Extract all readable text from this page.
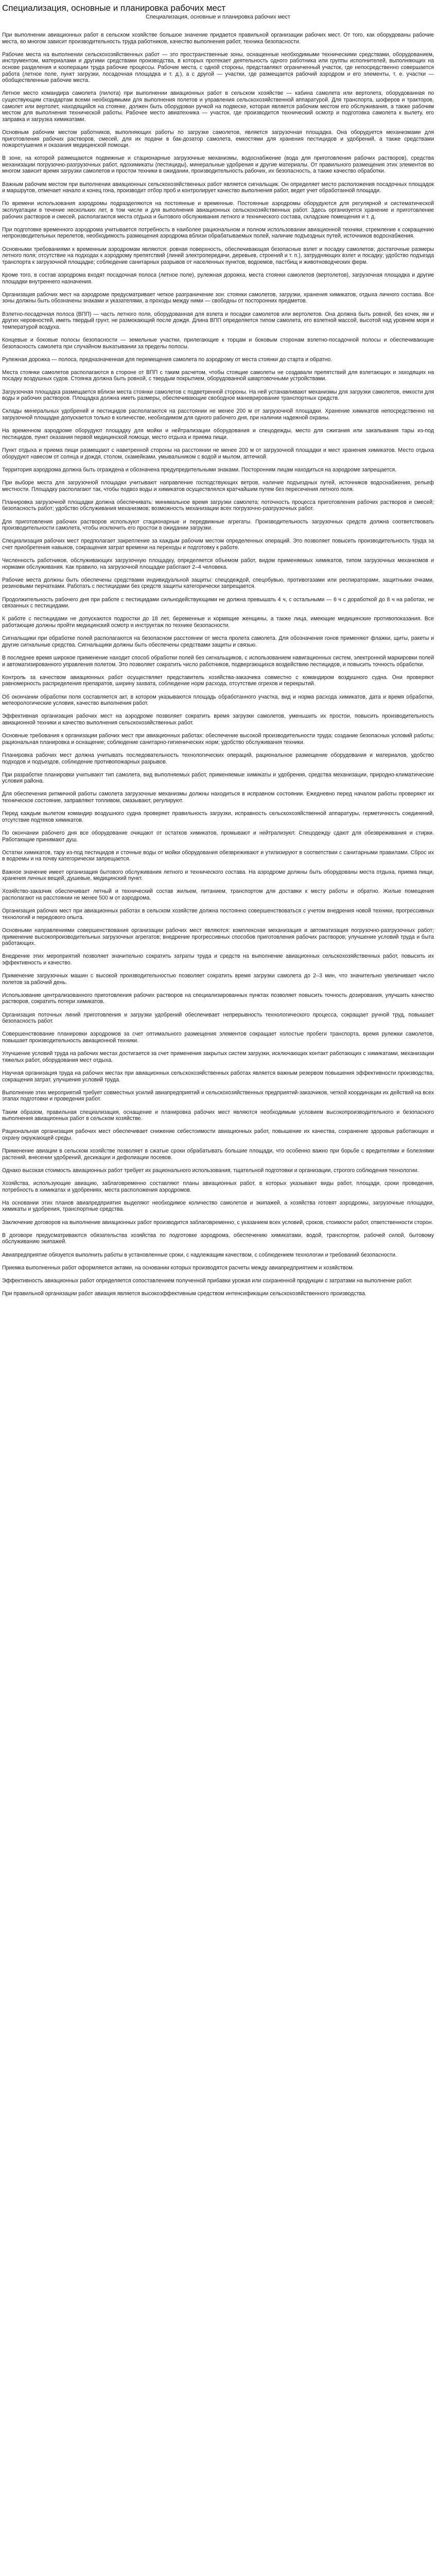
Специализация, основные и планировка рабочих мест
Специализация, основные и планировка рабочих мест

При выполнении авиационных работ в сельском хозяйстве большое значение придается правильной организации рабочих мест. От того, как оборудованы рабочие места, во многом зависит производительность труда работников, качество выполнения работ, техника безопасности.

Рабочие места на выполнении сельскохозяйственных работ — это пространственные зоны, оснащенные необходимыми техническими средствами, оборудованием, инструментом, материалами и другими средствами производства, в которых протекает деятельность одного работника или группы исполнителей, выполняющих на основе разделения и кооперации труда рабочие процессы. Рабочие места, с одной стороны, представляют ограниченный участок, где непосредственно совершается работа (летное поле, пункт загрузки, посадочная площадка и т. д.), а с другой — участки, где размещается рабочий аэродром и его элементы, т. е. участки — обобществленные рабочие места.

Летное место командира самолета (пилота) при выполнении авиационных работ в сельском хозяйстве — кабина самолета или вертолета, оборудованная по существующим стандартам всеми необходимыми для выполнения полетов и управления сельскохозяйственной аппаратурой. Для транспорта, шоферов и тракторов, самолет или вертолет, находящийся на стоянке, должен быть оборудован ручкой на подвеске, которая является рабочим местом его обслуживания, а также рабочим местом для выполнения технической работы. Рабочее место авиатехника — участок, где производится технический осмотр и подготовка самолета к вылету, его заправка и загрузка химикатами.

Основным рабочим местом работников, выполняющих работы по загрузке самолетов, является загрузочная площадка. Она оборудуется механизмами для приготовления рабочих растворов, смесей, для их подачи в бак-дозатор самолета, емкостями для хранения пестицидов и удобрений, а также средствами пожаротушения и оказания медицинской помощи.

В зоне, на которой размещаются подвижные и стационарные загрузочные механизмы, водоснабжение (вода для приготовления рабочих растворов), средства механизации погрузочно-разгрузочных работ, ядохимикаты (пестициды), минеральные удобрения и другие материалы. От правильного размещения этих элементов во многом зависит время загрузки самолетов и простои техники в ожидании, производительность рабочих, их безопасность, а также качество обработки.

Важным рабочим местом при выполнении авиационных сельскохозяйственных работ является сигнальщик. Он определяет место расположения посадочных площадок и маршрутов, отмечает начало и конец гона, производит отбор проб и контролирует качество выполнения работ, ведет учет обработанной площади.

По времени использования аэродромы подразделяются на постоянные и временные. Постоянные аэродромы оборудуются для регулярной и систематической эксплуатации в течение нескольких лет, в том числе и для выполнения авиационных сельскохозяйственных работ. Здесь организуется хранение и приготовление рабочих растворов и смесей, располагаются места отдыха и бытового обслуживания летного и технического состава, складские помещения и т. д.

При подготовке временного аэродрома учитывается потребность в наиболее рациональном и полном использовании авиационной техники, стремление к сокращению непроизводительных перелетов, необходимость размещения аэродрома вблизи обрабатываемых полей, наличие подъездных путей, источников водоснабжения.

Основными требованиями к временным аэродромам являются: ровная поверхность, обеспечивающая безопасные взлет и посадку самолетов; достаточные размеры летного поля; отсутствие на подходах к аэродрому препятствий (линий электропередачи, деревьев, строений и т. п.), затрудняющих взлет и посадку; удобство подъезда транспорта к загрузочной площадке; соблюдение санитарных разрывов от населенных пунктов, водоемов, пастбищ и животноводческих ферм.

Кроме того, в состав аэродрома входят посадочная полоса (летное поле), рулежная дорожка, места стоянки самолетов (вертолетов), загрузочная площадка и другие площадки внутреннего назначения.

Организация рабочих мест на аэродроме предусматривает четкое разграничение зон: стоянки самолетов, загрузки, хранения химикатов, отдыха личного состава. Все зоны должны быть обозначены знаками и указателями, а проходы между ними — свободны от посторонних предметов.

Взлетно-посадочная полоса (ВПП) — часть летного поля, оборудованная для взлета и посадки самолетов или вертолетов. Она должна быть ровной, без кочек, ям и других неровностей, иметь твердый грунт, не размокающий после дождя. Длина ВПП определяется типом самолета, его взлетной массой, высотой над уровнем моря и температурой воздуха.

Концевые и боковые полосы безопасности — земельные участки, прилегающие к торцам и боковым сторонам взлетно-посадочной полосы и обеспечивающие безопасность самолета при случайном выкатывании за пределы полосы.

Рулежная дорожка — полоса, предназначенная для перемещения самолета по аэродрому от места стоянки до старта и обратно.

Места стоянки самолетов располагаются в стороне от ВПП с таким расчетом, чтобы стоящие самолеты не создавали препятствий для взлетающих и заходящих на посадку воздушных судов. Стоянка должна быть ровной, с твердым покрытием, оборудованной швартовочными устройствами.

Загрузочная площадка размещается вблизи места стоянки самолетов с подветренной стороны. На ней устанавливают механизмы для загрузки самолетов, емкости для воды и рабочих растворов. Площадка должна иметь размеры, обеспечивающие свободное маневрирование транспортных средств.

Склады минеральных удобрений и пестицидов располагаются на расстоянии не менее 200 м от загрузочной площадки. Хранение химикатов непосредственно на загрузочной площадке допускается только в количестве, необходимом для одного рабочего дня, при наличии надежной охраны.

На временном аэродроме оборудуют площадку для мойки и нейтрализации оборудования и спецодежды, место для сжигания или закапывания тары из-под пестицидов, пункт оказания первой медицинской помощи, место отдыха и приема пищи.

Пункт отдыха и приема пищи размещают с наветренной стороны на расстоянии не менее 200 м от загрузочной площадки и мест хранения химикатов. Место отдыха оборудуют навесом от солнца и дождя, столом, скамейками, умывальником с водой и мылом, аптечкой.

Территория аэродрома должна быть ограждена и обозначена предупредительными знаками. Посторонним лицам находиться на аэродроме запрещается.

При выборе места для загрузочной площадки учитывают направление господствующих ветров, наличие подъездных путей, источников водоснабжения, рельеф местности. Площадку располагают так, чтобы подвоз воды и химикатов осуществлялся кратчайшим путем без пересечения летного поля.

Планировка загрузочной площадки должна обеспечивать: минимальное время загрузки самолета; поточность процесса приготовления рабочих растворов и смесей; безопасность работ; удобство обслуживания механизмов; возможность механизации всех погрузочно-разгрузочных работ.

Для приготовления рабочих растворов используют стационарные и передвижные агрегаты. Производительность загрузочных средств должна соответствовать производительности самолета, чтобы исключить его простои в ожидании загрузки.

Специализация рабочих мест предполагает закрепление за каждым рабочим местом определенных операций. Это позволяет повысить производительность труда за счет приобретения навыков, сокращения затрат времени на переходы и подготовку к работе.

Численность работников, обслуживающих загрузочную площадку, определяется объемом работ, видом применяемых химикатов, типом загрузочных механизмов и нормами обслуживания. Как правило, на загрузочной площадке работают 2–4 человека.

Рабочие места должны быть обеспечены средствами индивидуальной защиты: спецодеждой, спецобувью, противогазами или респираторами, защитными очками, резиновыми перчатками. Работать с пестицидами без средств защиты категорически запрещается.

Продолжительность рабочего дня при работе с пестицидами сильнодействующими не должна превышать 4 ч, с остальными — 6 ч с доработкой до 8 ч на работах, не связанных с пестицидами.

К работе с пестицидами не допускаются подростки до 18 лет, беременные и кормящие женщины, а также лица, имеющие медицинские противопоказания. Все работающие должны пройти медицинский осмотр и инструктаж по технике безопасности.

Сигнальщики при обработке полей располагаются на безопасном расстоянии от места пролета самолета. Для обозначения гонов применяют флажки, щиты, ракеты и другие сигнальные средства. Сигнальщики должны быть обеспечены средствами защиты и связью.

В последнее время широкое применение находит способ обработки полей без сигнальщиков, с использованием навигационных систем, электронной маркировки полей и автоматизированного управления полетом. Это позволяет сократить число работников, подвергающихся воздействию пестицидов, и повысить точность обработки.

Контроль за качеством авиационных работ осуществляет представитель хозяйства-заказчика совместно с командиром воздушного судна. Они проверяют равномерность распределения препаратов, ширину захвата, соблюдение норм расхода, отсутствие огрехов и перекрытий.

Об окончании обработки поля составляется акт, в котором указываются площадь обработанного участка, вид и норма расхода химикатов, дата и время обработки, метеорологические условия, качество выполнения работ.

Эффективная организация рабочих мест на аэродроме позволяет сократить время загрузки самолетов, уменьшить их простои, повысить производительность авиационной техники и качество выполнения сельскохозяйственных работ.

Основные требования к организации рабочих мест при авиационных работах: обеспечение высокой производительности труда; создание безопасных условий работы; рациональная планировка и оснащение; соблюдение санитарно-гигиенических норм; удобство обслуживания техники.

Планировка рабочих мест должна учитывать последовательность технологических операций, рациональное размещение оборудования и материалов, удобство подходов и подъездов, соблюдение противопожарных разрывов.

При разработке планировки учитывают тип самолета, вид выполняемых работ, применяемые химикаты и удобрения, средства механизации, природно-климатические условия района.

Для обеспечения ритмичной работы самолета загрузочные механизмы должны находиться в исправном состоянии. Ежедневно перед началом работы проверяют их техническое состояние, заправляют топливом, смазывают, регулируют.

Перед каждым вылетом командир воздушного судна проверяет правильность загрузки, исправность сельскохозяйственной аппаратуры, герметичность соединений, отсутствие подтеков химикатов.

По окончании рабочего дня все оборудование очищают от остатков химикатов, промывают и нейтрализуют. Спецодежду сдают для обезвреживания и стирки. Работающие принимают душ.

Остатки химикатов, тару из-под пестицидов и сточные воды от мойки оборудования обезвреживают и утилизируют в соответствии с санитарными правилами. Сброс их в водоемы и на почву категорически запрещается.

Важное значение имеет организация бытового обслуживания летного и технического состава. На аэродроме должны быть оборудованы места отдыха, приема пищи, хранения личных вещей, душевые, медицинский пункт.

Хозяйство-заказчик обеспечивает летный и технический состав жильем, питанием, транспортом для доставки к месту работы и обратно. Жилые помещения располагают на расстоянии не менее 500 м от аэродрома.

Организация рабочих мест при авиационных работах в сельском хозяйстве должна постоянно совершенствоваться с учетом внедрения новой техники, прогрессивных технологий и передового опыта.

Основными направлениями совершенствования организации рабочих мест являются: комплексная механизация и автоматизация погрузочно-разгрузочных работ; применение высокопроизводительных загрузочных агрегатов; внедрение прогрессивных способов приготовления рабочих растворов; улучшение условий труда и быта работающих.

Внедрение этих мероприятий позволяет значительно сократить затраты труда и средств на выполнение авиационных сельскохозяйственных работ, повысить их эффективность и качество.

Применение загрузочных машин с высокой производительностью позволяет сократить время загрузки самолета до 2–3 мин, что значительно увеличивает число полетов за рабочий день.

Использование централизованного приготовления рабочих растворов на специализированных пунктах позволяет повысить точность дозирования, улучшить качество растворов, сократить потери химикатов.

Организация поточных линий приготовления и загрузки удобрений обеспечивает непрерывность технологического процесса, сокращает ручной труд, повышает безопасность работ.

Совершенствование планировки аэродромов за счет оптимального размещения элементов сокращает холостые пробеги транспорта, время рулежки самолетов, повышает производительность авиационной техники.

Улучшение условий труда на рабочих местах достигается за счет применения закрытых систем загрузки, исключающих контакт работающих с химикатами, механизации тяжелых работ, оборудования мест отдыха.

Научная организация труда на рабочих местах при авиационных сельскохозяйственных работах является важным резервом повышения эффективности производства, сокращения затрат, улучшения условий труда.

Выполнение этих мероприятий требует совместных усилий авиапредприятий и сельскохозяйственных предприятий-заказчиков, четкой координации их действий на всех этапах подготовки и проведения работ.

Таким образом, правильная специализация, оснащение и планировка рабочих мест являются необходимым условием высокопроизводительного и безопасного выполнения авиационных работ в сельском хозяйстве.

Рациональная организация рабочих мест обеспечивает снижение себестоимости авиационных работ, повышение их качества, сохранение здоровья работающих и охрану окружающей среды.

Применение авиации в сельском хозяйстве позволяет в сжатые сроки обрабатывать большие площади, что особенно важно при борьбе с вредителями и болезнями растений, внесении удобрений, десикации и дефолиации посевов.

Однако высокая стоимость авиационных работ требует их рационального использования, тщательной подготовки и организации, строгого соблюдения технологии.

Хозяйства, использующие авиацию, заблаговременно составляют планы авиационных работ, в которых указывают виды работ, площади, сроки проведения, потребность в химикатах и удобрениях, места расположения аэродромов.

На основании этих планов авиапредприятия выделяют необходимое количество самолетов и экипажей, а хозяйства готовят аэродромы, загрузочные площадки, химикаты и удобрения, транспортные средства.

Заключение договоров на выполнение авиационных работ производится заблаговременно, с указанием всех условий, сроков, стоимости работ, ответственности сторон.

В договоре предусматриваются обязательства хозяйства по подготовке аэродрома, обеспечению химикатами, водой, транспортом, рабочей силой, бытовому обслуживанию экипажей.

Авиапредприятие обязуется выполнить работы в установленные сроки, с надлежащим качеством, с соблюдением технологии и требований безопасности.

Приемка выполненных работ оформляется актами, на основании которых производятся расчеты между авиапредприятием и хозяйством.

Эффективность авиационных работ определяется сопоставлением полученной прибавки урожая или сохраненной продукции с затратами на выполнение работ.

При правильной организации работ авиация является высокоэффективным средством интенсификации сельскохозяйственного производства.
